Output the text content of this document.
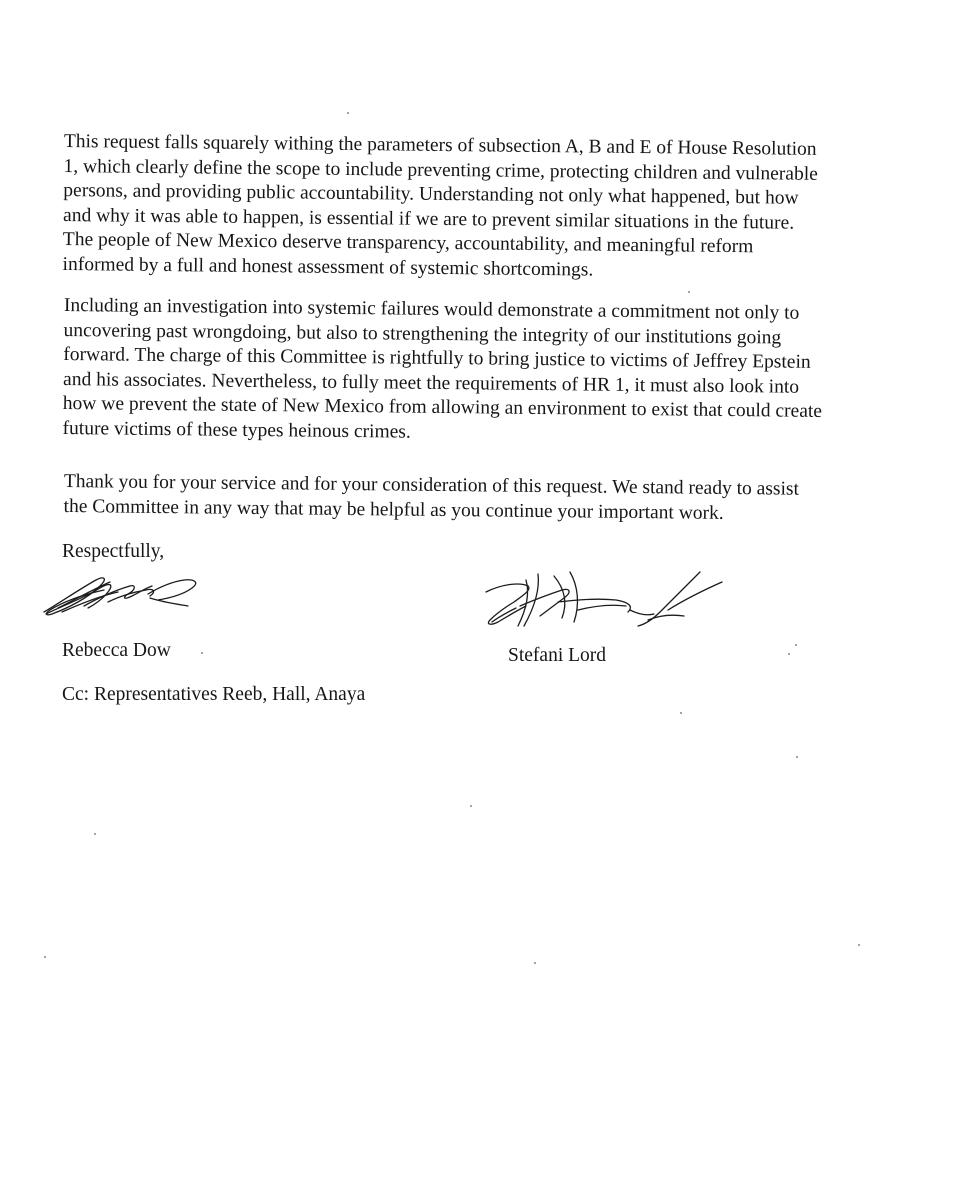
This request falls squarely withing the parameters of subsection A, B and E of House Resolution
1, which clearly define the scope to include preventing crime, protecting children and vulnerable
persons, and providing public accountability. Understanding not only what happened, but how
and why it was able to happen, is essential if we are to prevent similar situations in the future.
The people of New Mexico deserve transparency, accountability, and meaningful reform
informed by a full and honest assessment of systemic shortcomings.
Including an investigation into systemic failures would demonstrate a commitment not only to
uncovering past wrongdoing, but also to strengthening the integrity of our institutions going
forward. The charge of this Committee is rightfully to bring justice to victims of Jeffrey Epstein
and his associates. Nevertheless, to fully meet the requirements of HR 1, it must also look into
how we prevent the state of New Mexico from allowing an environment to exist that could create
future victims of these types heinous crimes.
Thank you for your service and for your consideration of this request. We stand ready to assist
the Committee in any way that may be helpful as you continue your important work.

Respectfully,

Rebecca Dow	Stefani Lord

Cc: Representatives Reeb, Hall, Anaya
